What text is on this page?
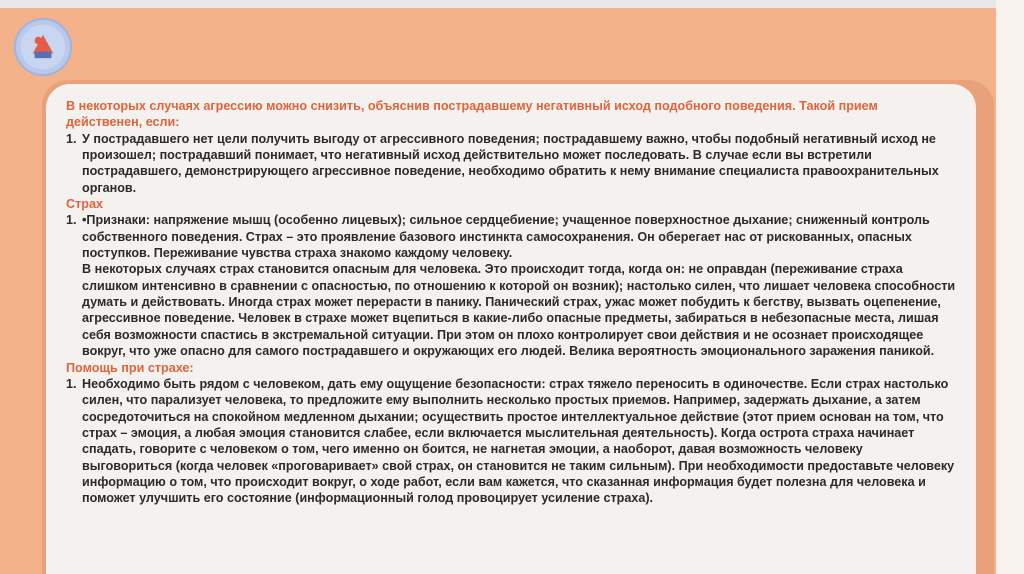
В некоторых случаях агрессию можно снизить, объяснив пострадавшему негативный исход подобного поведения. Такой прием действенен, если:
1. У пострадавшего нет цели получить выгоду от агрессивного поведения; пострадавшему важно, чтобы подобный негативный исход не произошел; пострадавший понимает, что негативный исход действительно может последовать. В случае если вы встретили пострадавшего, демонстрирующего агрессивное поведение, необходимо обратить к нему внимание специалиста правоохранительных органов.
Страх
1. •Признаки: напряжение мышц (особенно лицевых); сильное сердцебиение; учащенное поверхностное дыхание; сниженный контроль собственного поведения. Страх – это проявление базового инстинкта самосохранения. Он оберегает нас от рискованных, опасных поступков. Переживание чувства страха знакомо каждому человеку.
В некоторых случаях страх становится опасным для человека. Это происходит тогда, когда он: не оправдан (переживание страха слишком интенсивно в сравнении с опасностью, по отношению к которой он возник); настолько силен, что лишает человека способности думать и действовать. Иногда страх может перерасти в панику. Панический страх, ужас может побудить к бегству, вызвать оцепенение, агрессивное поведение. Человек в страхе может вцепиться в какие-либо опасные предметы, забираться в небезопасные места, лишая себя возможности спастись в экстремальной ситуации. При этом он плохо контролирует свои действия и не осознает происходящее вокруг, что уже опасно для самого пострадавшего и окружающих его людей. Велика вероятность эмоционального заражения паникой.
Помощь при страхе:
1. Необходимо быть рядом с человеком, дать ему ощущение безопасности: страх тяжело переносить в одиночестве. Если страх настолько силен, что парализует человека, то предложите ему выполнить несколько простых приемов. Например, задержать дыхание, а затем сосредоточиться на спокойном медленном дыхании; осуществить простое интеллектуальное действие (этот прием основан на том, что страх – эмоция, а любая эмоция становится слабее, если включается мыслительная деятельность). Когда острота страха начинает спадать, говорите с человеком о том, чего именно он боится, не нагнетая эмоции, а наоборот, давая возможность человеку выговориться (когда человек «проговаривает» свой страх, он становится не таким сильным). При необходимости предоставьте человеку информацию о том, что происходит вокруг, о ходе работ, если вам кажется, что сказанная информация будет полезна для человека и поможет улучшить его состояние (информационный голод провоцирует усиление страха).
